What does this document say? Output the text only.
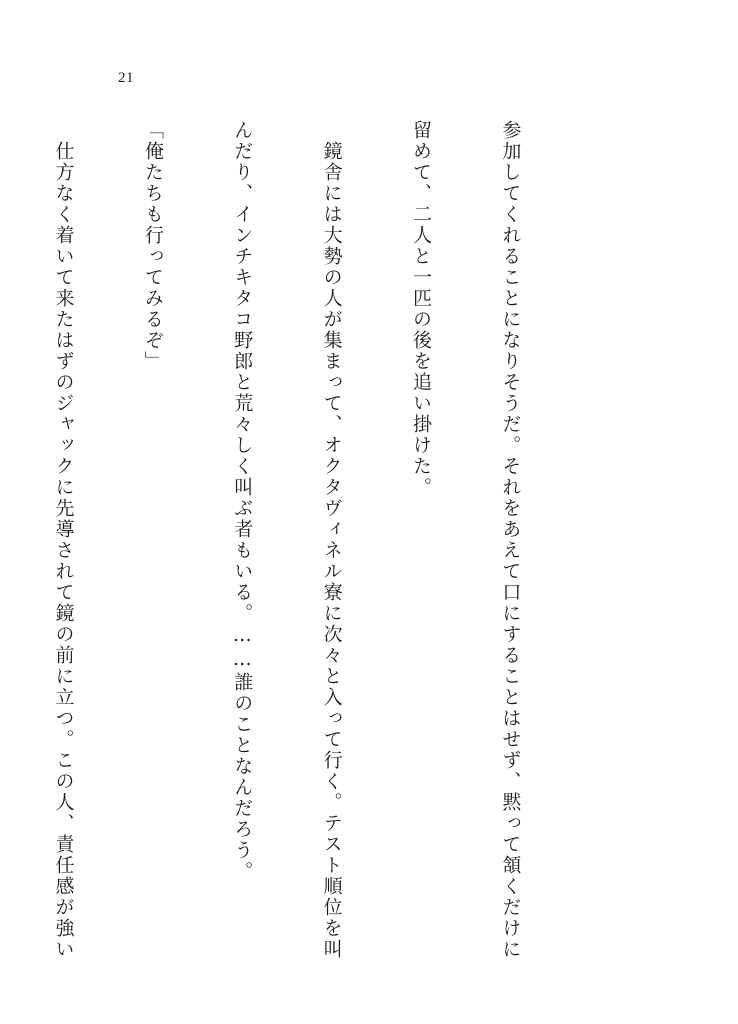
21

参加してくれることになりそうだ。それをあえて口にすることはせず、黙って頷くだけに

留めて、二人と一匹の後を追い掛けた。

　鏡舎には大勢の人が集まって、オクタヴィネル寮に次々と入って行く。テスト順位を叫

んだり、インチキタコ野郎と荒々しく叫ぶ者もいる。……誰のことなんだろう。

「俺たちも行ってみるぞ」

　仕方なく着いて来たはずのジャックに先導されて鏡の前に立つ。この人、責任感が強い
